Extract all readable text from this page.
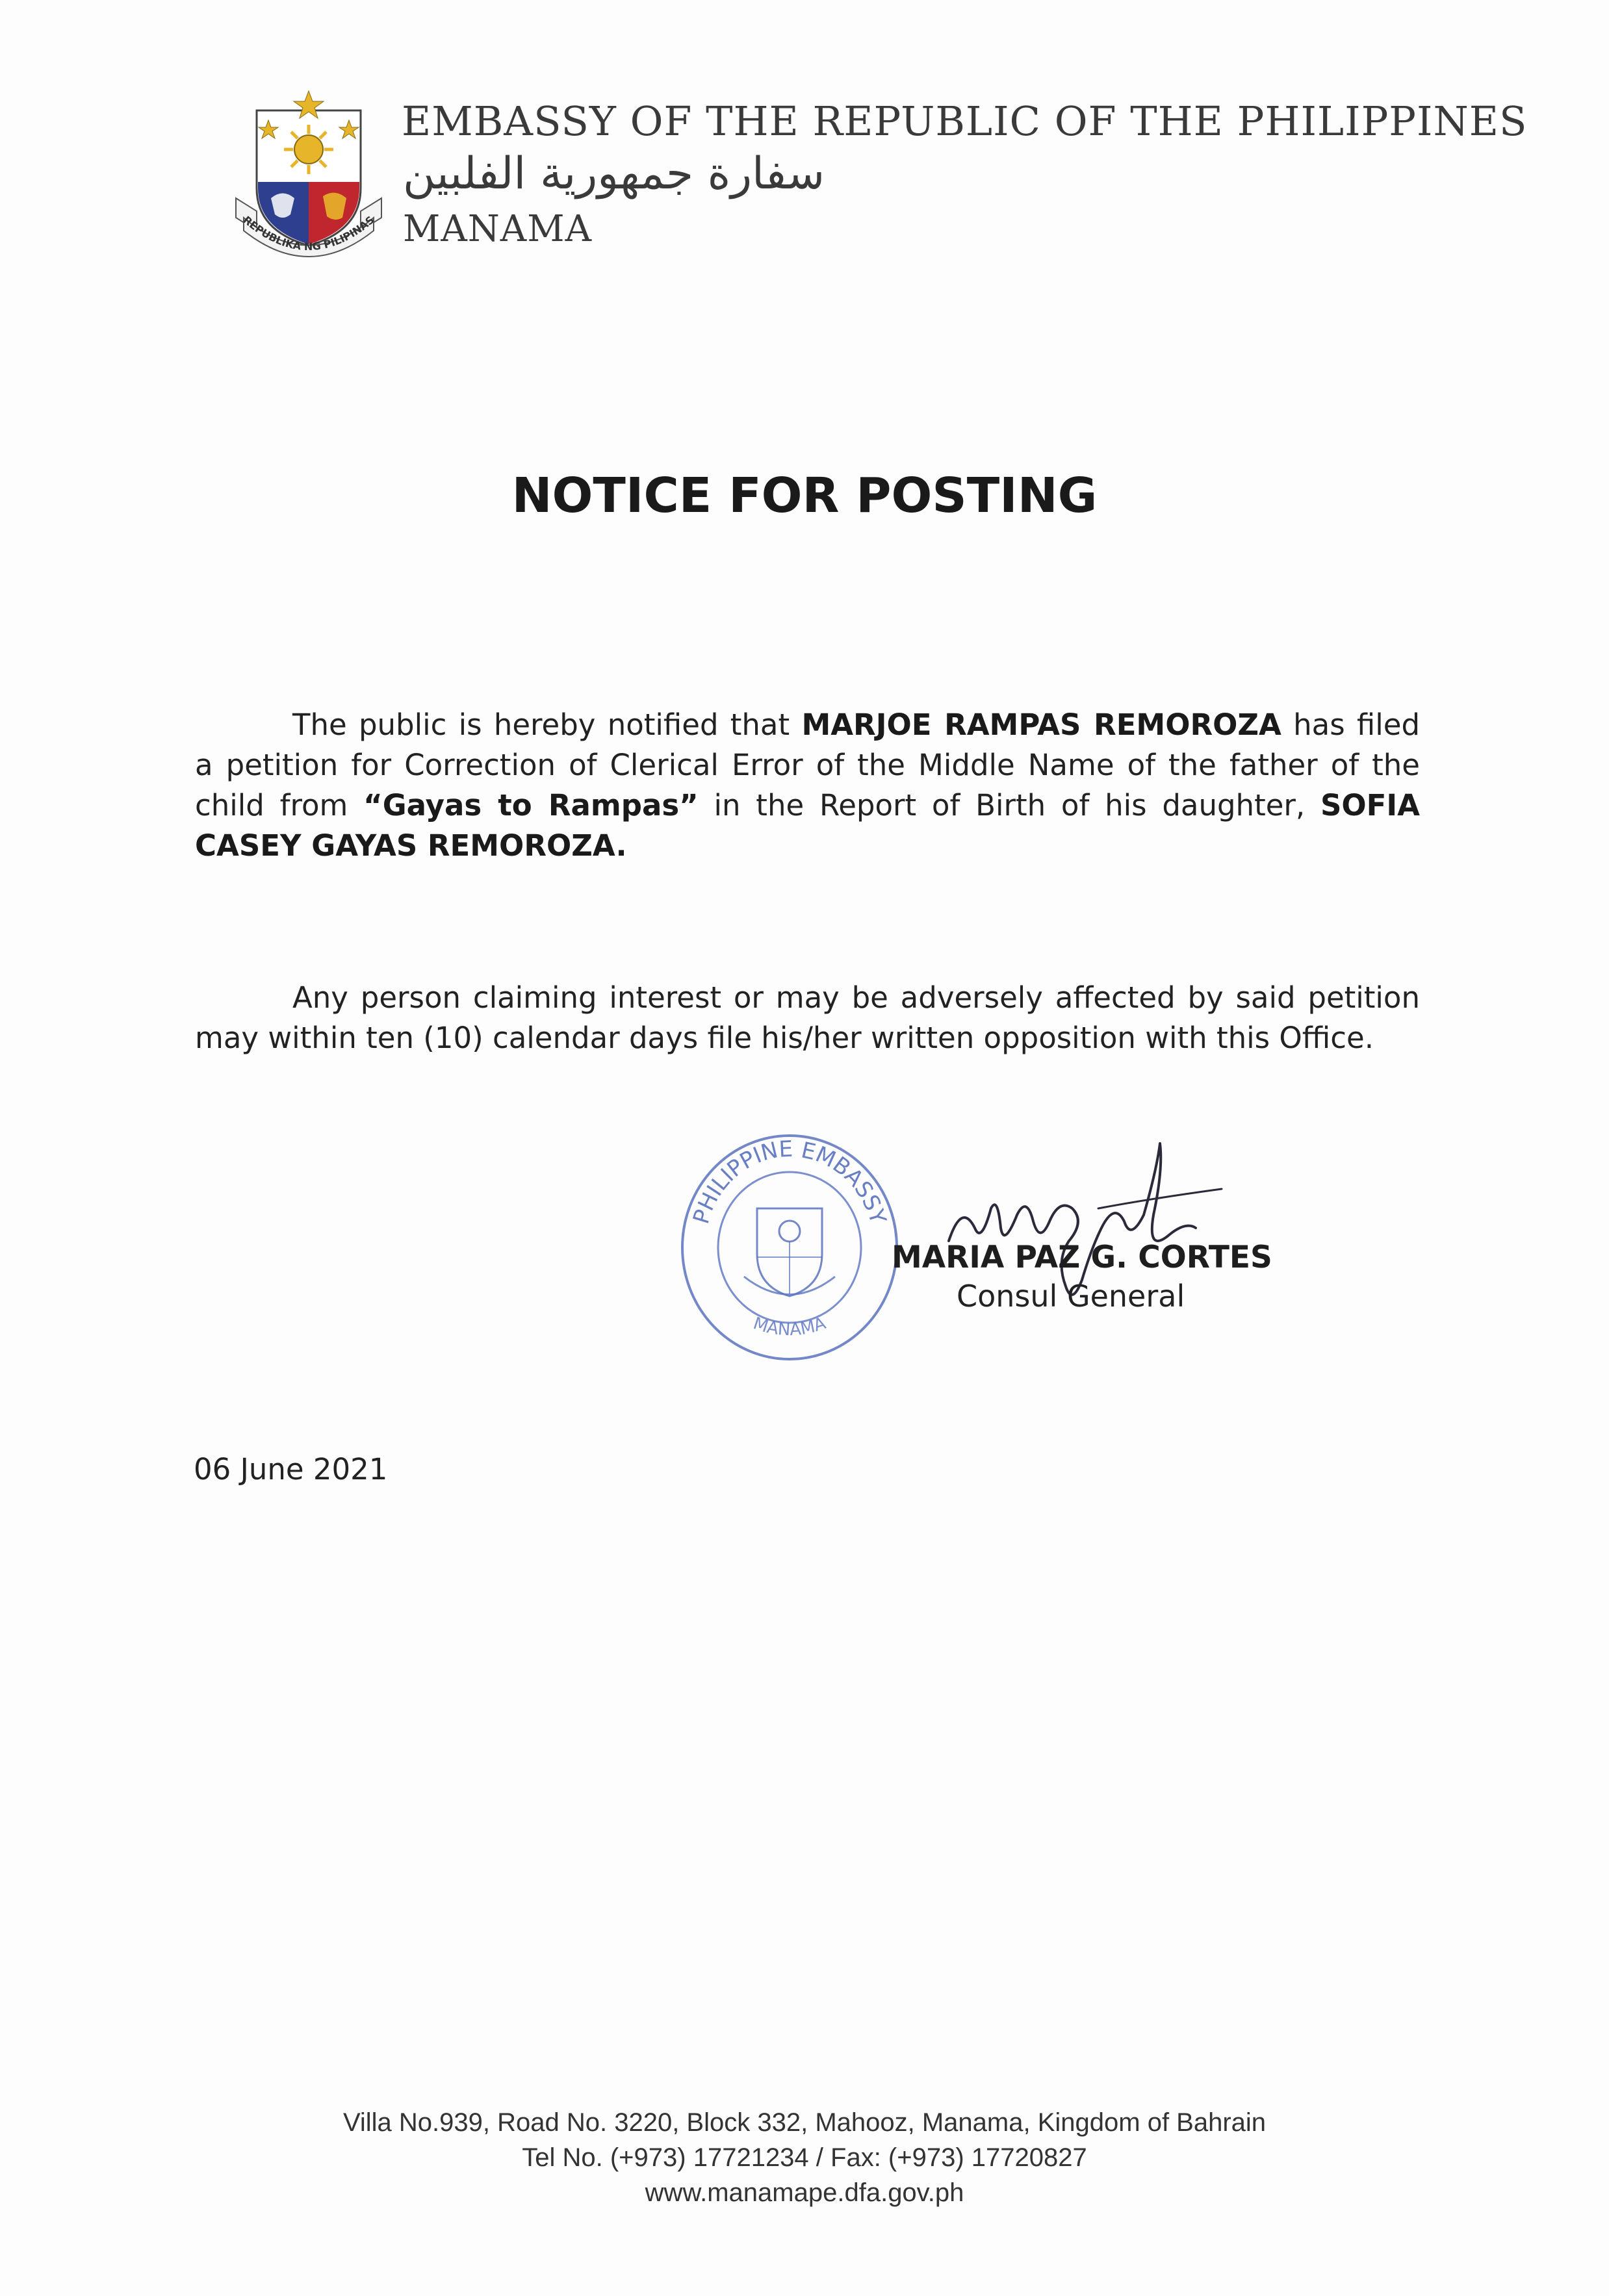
REPUBLIKA NG PILIPINAS
EMBASSY OF THE REPUBLIC OF THE PHILIPPINES
سفارة جمهورية الفلبين
MANAMA
NOTICE FOR POSTING
The public is hereby notified that MARJOE RAMPAS REMOROZA has filed a petition for Correction of Clerical Error of the Middle Name of the father of the child from “Gayas to Rampas” in the Report of Birth of his daughter, SOFIA CASEY GAYAS REMOROZA.
Any person claiming interest or may be adversely affected by said petition may within ten (10) calendar days file his/her written opposition with this Office.
PHILIPPINE EMBASSY
MANAMA
MARIA PAZ G. CORTES
Consul General
06 June 2021
Villa No.939, Road No. 3220, Block 332, Mahooz, Manama, Kingdom of Bahrain
Tel No. (+973) 17721234 / Fax: (+973) 17720827
www.manamape.dfa.gov.ph
